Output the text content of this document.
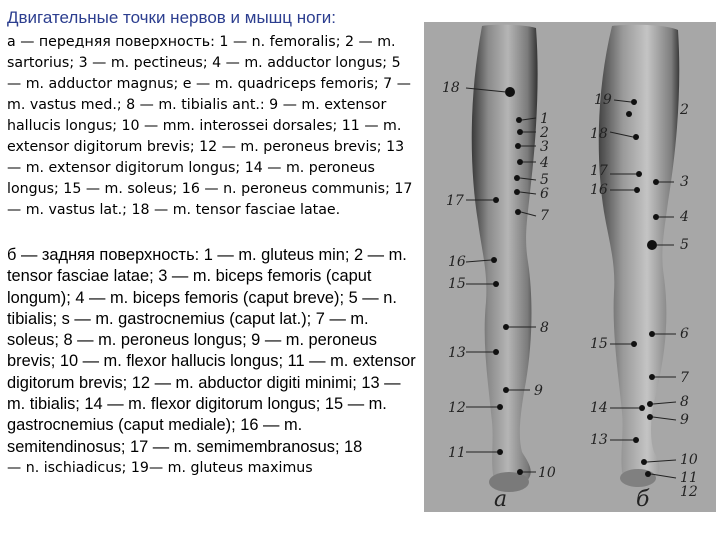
Двигательные точки нервов и мышц ноги:

а — передняя поверхность: 1 — n. femoralis; 2 — m. sartorius; 3 — m. pectineus; 4 — m. adductor longus; 5 — m. adductor magnus; е — m. quadriceps femoris; 7 — m. vastus med.; 8 — m. tibialis ant.: 9 — m. extensor hallucis longus; 10 — mm. interossei dorsales; 11 — m. extensor digitorum brevis; 12 — m. peroneus brevis; 13 — m. extensor digitorum longus; 14 — m. peroneus longus; 15 — m. soleus; 16 — n. peroneus communis; 17 — m. vastus lat.; 18 — m. tensor fasciae latae.

б — задняя поверхность: 1 — m. gluteus min; 2 — m. tensor fasciae latae; 3 — m. biceps femoris (caput longum); 4 — m. biceps femoris (caput breve); 5 — n. tibialis; s — m. gastrocnemius (caput lat.); 7 — m. soleus; 8 — m. peroneus longus; 9 — m. peroneus brevis; 10 — m. flexor hallucis longus; 11 — m. extensor digitorum brevis; 12 — m. abductor digiti minimi; 13 — m. tibialis; 14 — m. flexor digitorum longus; 15 — m. gastrocnemius (caput mediale); 16 — m. semitendinosus; 17 — m. semimembranosus; 18

— n. ischiadicus; 19— m. gluteus maximus

18
1
2
3
4
5
6
7
17
16
15
8
13
9
12
11
10
19
2
18
17
16	3
4
5
6
15
7
14	8
9
13
10
11
12
а	б
